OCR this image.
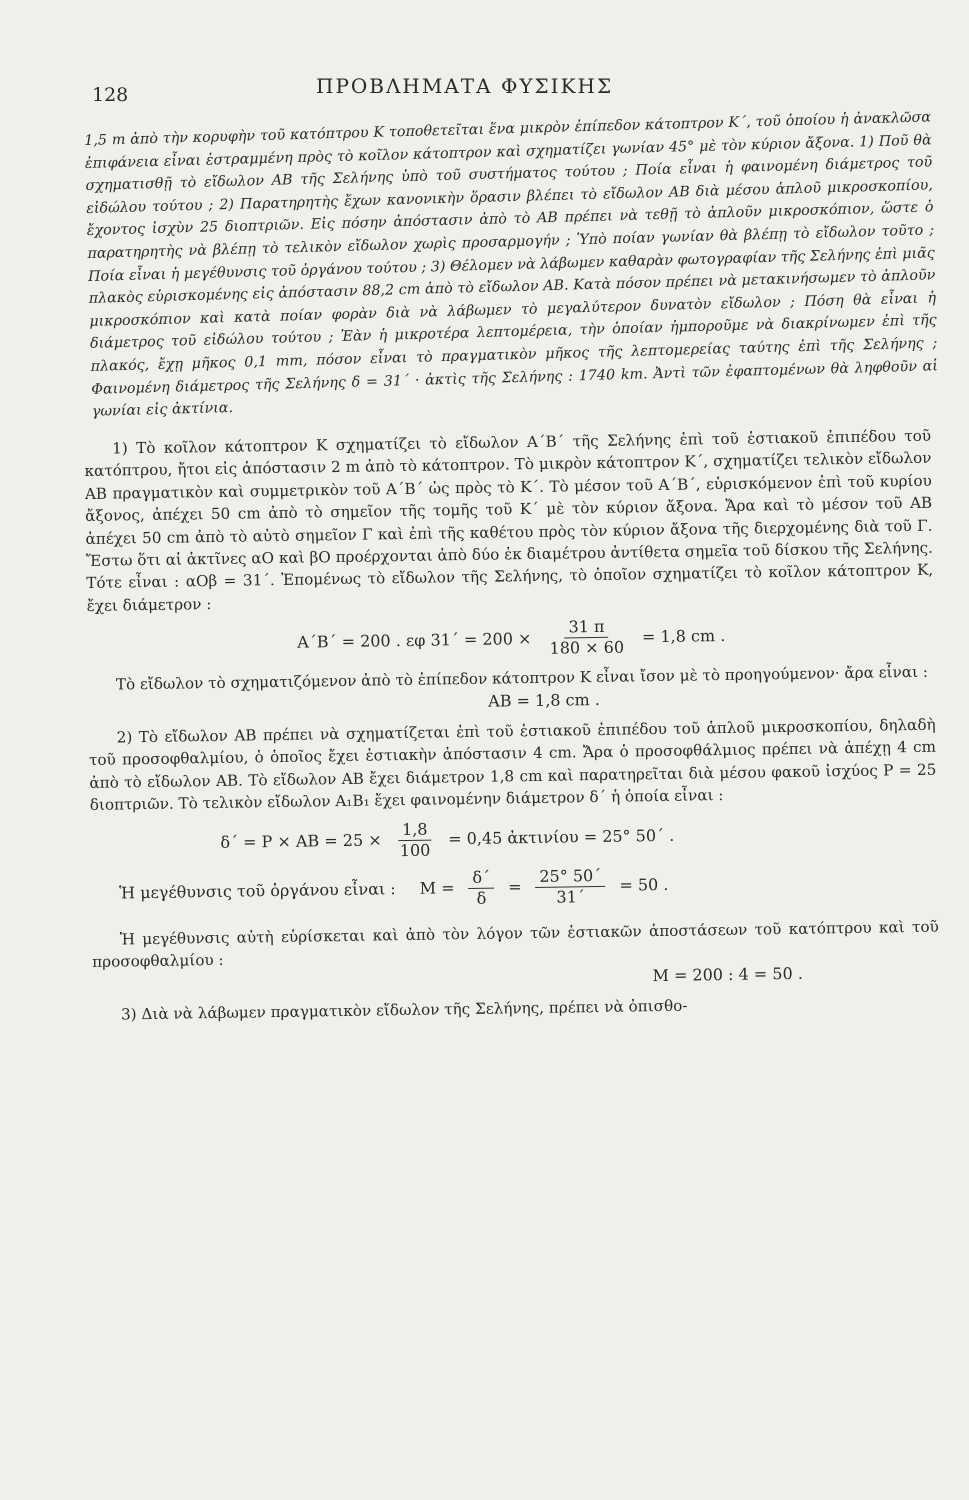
128	ΠΡΟΒΛΗΜΑΤΑ ΦΥΣΙΚΗΣ

1,5 m ἀπὸ τὴν κορυφὴν τοῦ κατόπτρου Κ τοποθετεῖται ἕνα μικρὸν ἐπίπεδον κάτοπτρον Κ΄, τοῦ ὁποίου ἡ ἀνακλῶσα ἐπιφάνεια εἶναι ἐστραμμένη πρὸς τὸ κοῖλον κάτοπτρον καὶ σχηματίζει γωνίαν 45° μὲ τὸν κύριον ἄξονα. 1) Ποῦ θὰ σχηματισθῇ τὸ εἴδωλον ΑΒ τῆς Σελήνης ὑπὸ τοῦ συστήματος τούτου ; Ποία εἶναι ἡ φαινομένη διάμετρος τοῦ εἰδώλου τούτου ; 2) Παρατηρητὴς ἔχων κανονικὴν ὅρασιν βλέπει τὸ εἴδωλον ΑΒ διὰ μέσου ἁπλοῦ μικροσκοπίου, ἔχοντος ἰσχὺν 25 διοπτριῶν. Εἰς πόσην ἀπόστασιν ἀπὸ τὸ ΑΒ πρέπει νὰ τεθῇ τὸ ἁπλοῦν μικροσκόπιον, ὥστε ὁ παρατηρητὴς νὰ βλέπῃ τὸ τελικὸν εἴδωλον χωρὶς προσαρμογήν ; Ὑπὸ ποίαν γωνίαν θὰ βλέπῃ τὸ εἴδωλον τοῦτο ; Ποία εἶναι ἡ μεγέθυνσις τοῦ ὀργάνου τούτου ; 3) Θέλομεν νὰ λάβωμεν καθαρὰν φωτογραφίαν τῆς Σελήνης ἐπὶ μιᾶς πλακὸς εὑρισκομένης εἰς ἀπόστασιν 88,2 cm ἀπὸ τὸ εἴδωλον ΑΒ. Κατὰ πόσον πρέπει νὰ μετακινήσωμεν τὸ ἁπλοῦν μικροσκόπιον καὶ κατὰ ποίαν φορὰν διὰ νὰ λάβωμεν τὸ μεγαλύτερον δυνατὸν εἴδωλον ; Πόση θὰ εἶναι ἡ διάμετρος τοῦ εἰδώλου τούτου ; Ἐὰν ἡ μικροτέρα λεπτομέρεια, τὴν ὁποίαν ἠμποροῦμε νὰ διακρίνωμεν ἐπὶ τῆς πλακός, ἔχῃ μῆκος 0,1 mm, πόσον εἶναι τὸ πραγματικὸν μῆκος τῆς λεπτομερείας ταύτης ἐπὶ τῆς Σελήνης ; Φαινομένη διάμετρος τῆς Σελήνης δ = 31΄ · ἀκτὶς τῆς Σελήνης : 1740 km. Ἀντὶ τῶν ἐφαπτομένων θὰ ληφθοῦν αἱ γωνίαι εἰς ἀκτίνια.

1) Τὸ κοῖλον κάτοπτρον Κ σχηματίζει τὸ εἴδωλον Α΄Β΄ τῆς Σελήνης ἐπὶ τοῦ ἑστιακοῦ ἐπιπέδου τοῦ κατόπτρου, ἤτοι εἰς ἀπόστασιν 2 m ἀπὸ τὸ κάτοπτρον. Τὸ μικρὸν κάτοπτρον Κ΄, σχηματίζει τελικὸν εἴδωλον ΑΒ πραγματικὸν καὶ συμμετρικὸν τοῦ Α΄Β΄ ὡς πρὸς τὸ Κ΄. Τὸ μέσον τοῦ Α΄Β΄, εὑρισκόμενον ἐπὶ τοῦ κυρίου ἄξονος, ἀπέχει 50 cm ἀπὸ τὸ σημεῖον τῆς τομῆς τοῦ Κ΄ μὲ τὸν κύριον ἄξονα. Ἄρα καὶ τὸ μέσον τοῦ ΑΒ ἀπέχει 50 cm ἀπὸ τὸ αὐτὸ σημεῖον Γ καὶ ἐπὶ τῆς καθέτου πρὸς τὸν κύριον ἄξονα τῆς διερχομένης διὰ τοῦ Γ. Ἔστω ὅτι αἱ ἀκτῖνες αΟ καὶ βΟ προέρχονται ἀπὸ δύο ἐκ διαμέτρου ἀντίθετα σημεῖα τοῦ δίσκου τῆς Σελήνης. Τότε εἶναι : αΟβ = 31΄. Ἐπομένως τὸ εἴδωλον τῆς Σελήνης, τὸ ὁποῖον σχηματίζει τὸ κοῖλον κάτοπτρον Κ, ἔχει διάμετρον :

Α΄Β΄ = 200 . εφ $31΄ = 200 \times \frac{31 \pi}{180 \times 60} = 1,8$ cm .

Τὸ εἴδωλον τὸ σχηματιζόμενον ἀπὸ τὸ ἐπίπεδον κάτοπτρον Κ εἶναι ἴσον μὲ τὸ προηγούμενον· ἄρα εἶναι :

ΑΒ = 1,8 cm .

2) Τὸ εἴδωλον ΑΒ πρέπει νὰ σχηματίζεται ἐπὶ τοῦ ἑστιακοῦ ἐπιπέδου τοῦ ἁπλοῦ μικροσκοπίου, δηλαδὴ τοῦ προσοφθαλμίου, ὁ ὁποῖος ἔχει ἑστιακὴν ἀπόστασιν 4 cm. Ἄρα ὁ προσοφθάλμιος πρέπει νὰ ἀπέχῃ 4 cm ἀπὸ τὸ εἴδωλον ΑΒ. Τὸ εἴδωλον ΑΒ ἔχει διάμετρον 1,8 cm καὶ παρατηρεῖται διὰ μέσου φακοῦ ἰσχύος Ρ = 25 διοπτριῶν. Τὸ τελικὸν εἴδωλον Α₁Β₁ ἔχει φαινομένην διάμετρον δ΄ ἡ ὁποία εἶναι :

$\delta΄ = P \times AB = 25 \times \frac{1,8}{100} = 0,45$ ἀκτινίου = 25° 50΄ .
Ἡ μεγέθυνσις τοῦ ὀργάνου εἶναι : $M = \frac{\delta΄}{\delta} = \frac{25^\circ 50΄}{31΄} = 50$ .

Ἡ μεγέθυνσις αὐτὴ εὑρίσκεται καὶ ἀπὸ τὸν λόγον τῶν ἑστιακῶν ἀποστάσεων τοῦ κατόπτρου καὶ τοῦ προσοφθαλμίου :

Μ = 200 : 4 = 50 .

3) Διὰ νὰ λάβωμεν πραγματικὸν εἴδωλον τῆς Σελήνης, πρέπει νὰ ὀπισθο-
